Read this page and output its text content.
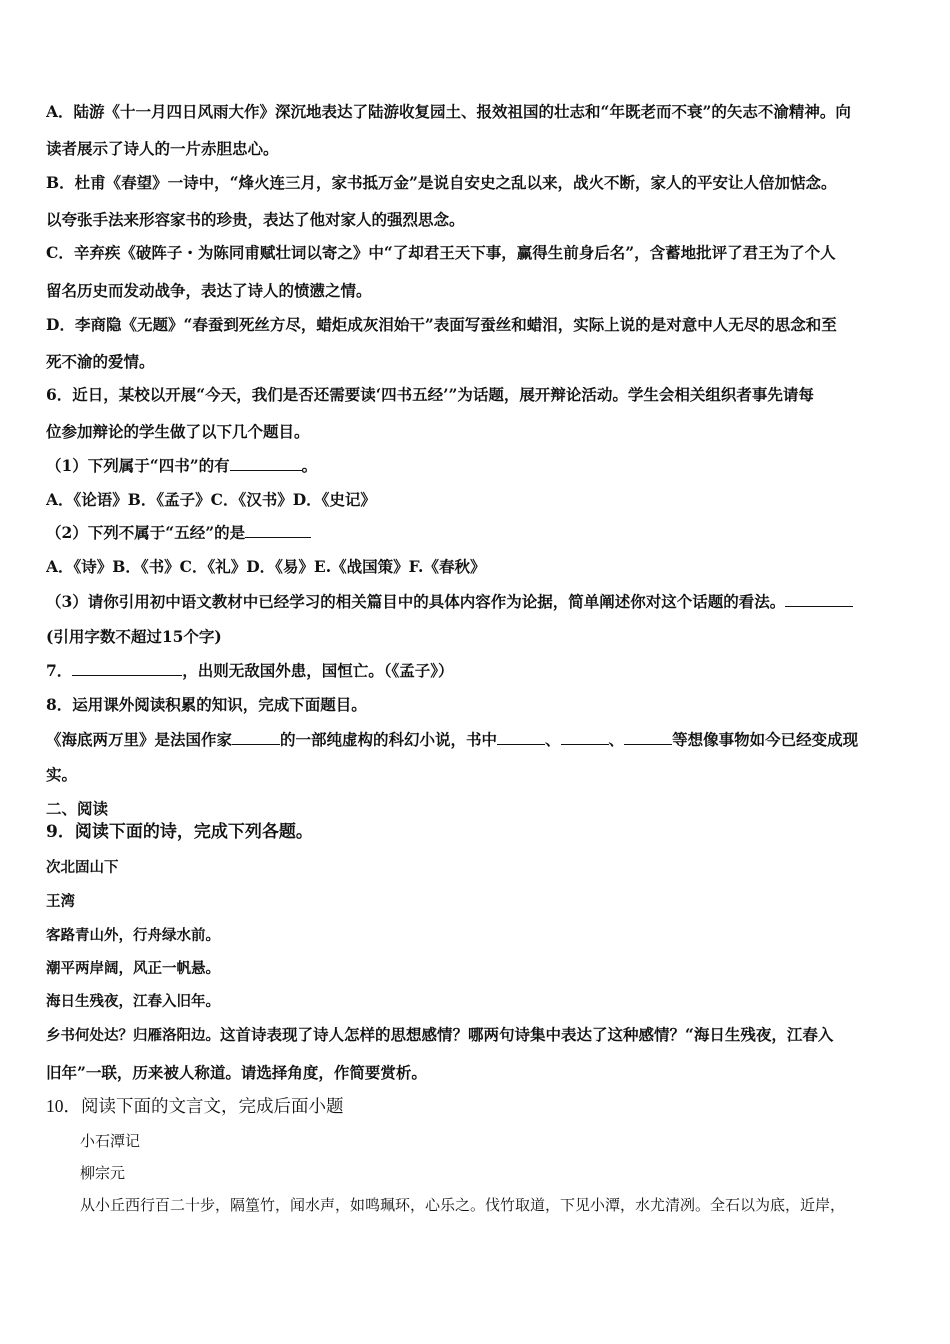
A．陆游《十一月四日风雨大作》深沉地表达了陆游收复园土、报效祖国的壮志和“年既老而不衰”的矢志不渝精神。向
读者展示了诗人的一片赤胆忠心。
B．杜甫《春望》一诗中，“烽火连三月，家书抵万金”是说自安史之乱以来，战火不断，家人的平安让人倍加惦念。
以夸张手法来形容家书的珍贵，表达了他对家人的强烈思念。
C．辛弃疾《破阵子・为陈同甫赋壮词以寄之》中“了却君王天下事，赢得生前身后名”，含蓄地批评了君王为了个人
留名历史而发动战争，表达了诗人的愤懑之情。
D．李商隐《无题》“春蚕到死丝方尽，蜡炬成灰泪始干”表面写蚕丝和蜡泪，实际上说的是对意中人无尽的思念和至
死不渝的爱情。
6．近日，某校以开展“今天，我们是否还需要读‘四书五经’”为话题，展开辩论活动。学生会相关组织者事先请每
位参加辩论的学生做了以下几个题目。
（1）下列属于“四书”的有	。
A．《论语》B．《孟子》C．《汉书》D．《史记》
（2）下列不属于“五经”的是
A．《诗》B．《书》C．《礼》D．《易》E.《战国策》F.《春秋》
（3）请你引用初中语文教材中已经学习的相关篇目中的具体内容作为论据，简单阐述你对这个话题的看法。
(引用字数不超过15个字)
7．	，出则无敌国外患，国恒亡。（《孟子》）
8．运用课外阅读积累的知识，完成下面题目。
《海底两万里》是法国作家	的一部纯虚构的科幻小说，书中	、	、	等想像事物如今已经变成现
实。
二、阅读
9．阅读下面的诗，完成下列各题。
次北固山下
王湾
客路青山外，行舟绿水前。
潮平两岸阔，风正一帆悬。
海日生残夜，江春入旧年。
乡书何处达？归雁洛阳边。这首诗表现了诗人怎样的思想感情？哪两句诗集中表达了这种感情？“海日生残夜，江春入
旧年”一联，历来被人称道。请选择角度，作简要赏析。
10．阅读下面的文言文，完成后面小题
小石潭记
柳宗元
从小丘西行百二十步，隔篁竹，闻水声，如鸣珮环，心乐之。伐竹取道，下见小潭，水尤清冽。全石以为底，近岸，
